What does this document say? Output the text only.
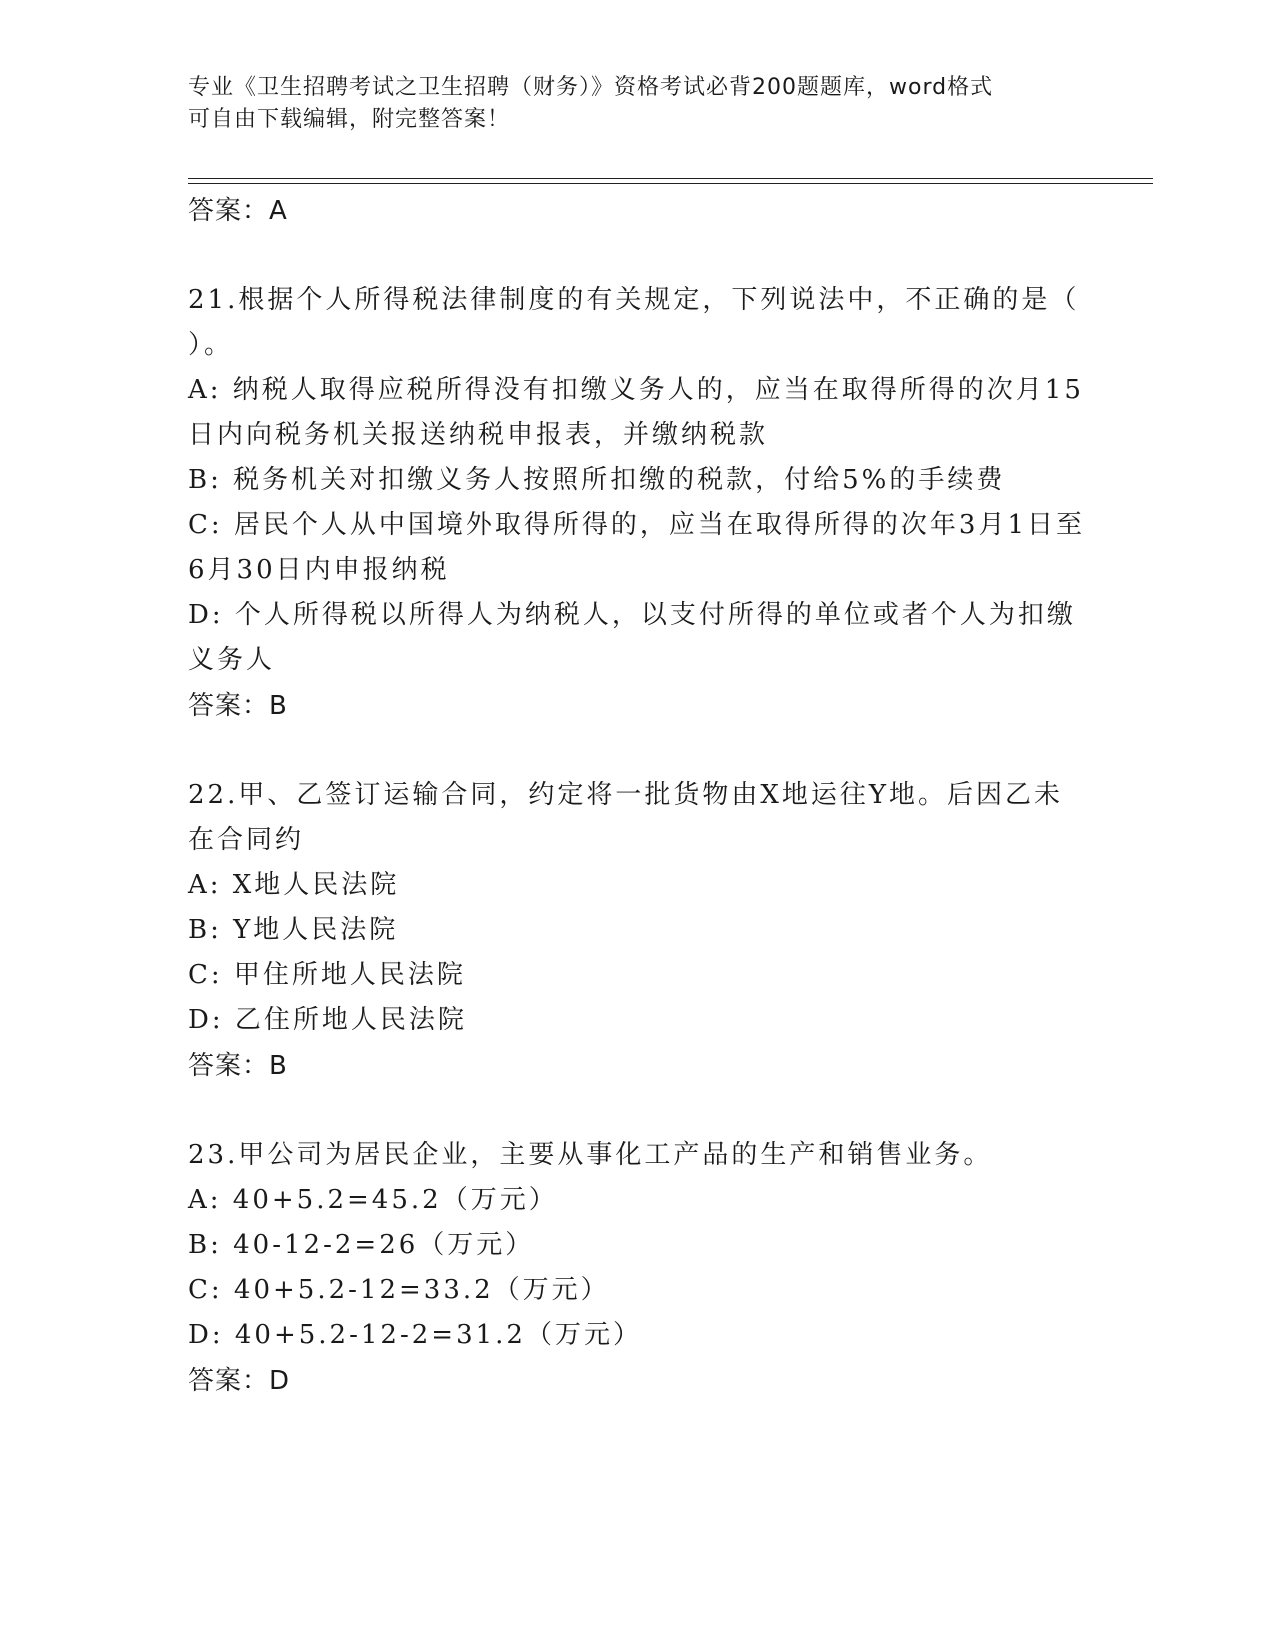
专业《卫生招聘考试之卫生招聘（财务）》资格考试必背200题题库，word格式
可自由下载编辑，附完整答案！
答案：A
21.根据个人所得税法律制度的有关规定，下列说法中，不正确的是（ ）。
A: 纳税人取得应税所得没有扣缴义务人的，应当在取得所得的次月15日内向税务机关报送纳税申报表，并缴纳税款
B: 税务机关对扣缴义务人按照所扣缴的税款，付给5%的手续费
C: 居民个人从中国境外取得所得的，应当在取得所得的次年3月1日至6月30日内申报纳税
D: 个人所得税以所得人为纳税人，以支付所得的单位或者个人为扣缴义务人
答案：B
22.甲、乙签订运输合同，约定将一批货物由X地运往Y地。后因乙未在合同约
A: X地人民法院
B: Y地人民法院
C: 甲住所地人民法院
D: 乙住所地人民法院
答案：B
23.甲公司为居民企业，主要从事化工产品的生产和销售业务。
A: 40+5.2=45.2（万元）
B: 40-12-2=26（万元）
C: 40+5.2-12=33.2（万元）
D: 40+5.2-12-2=31.2（万元）
答案：D
